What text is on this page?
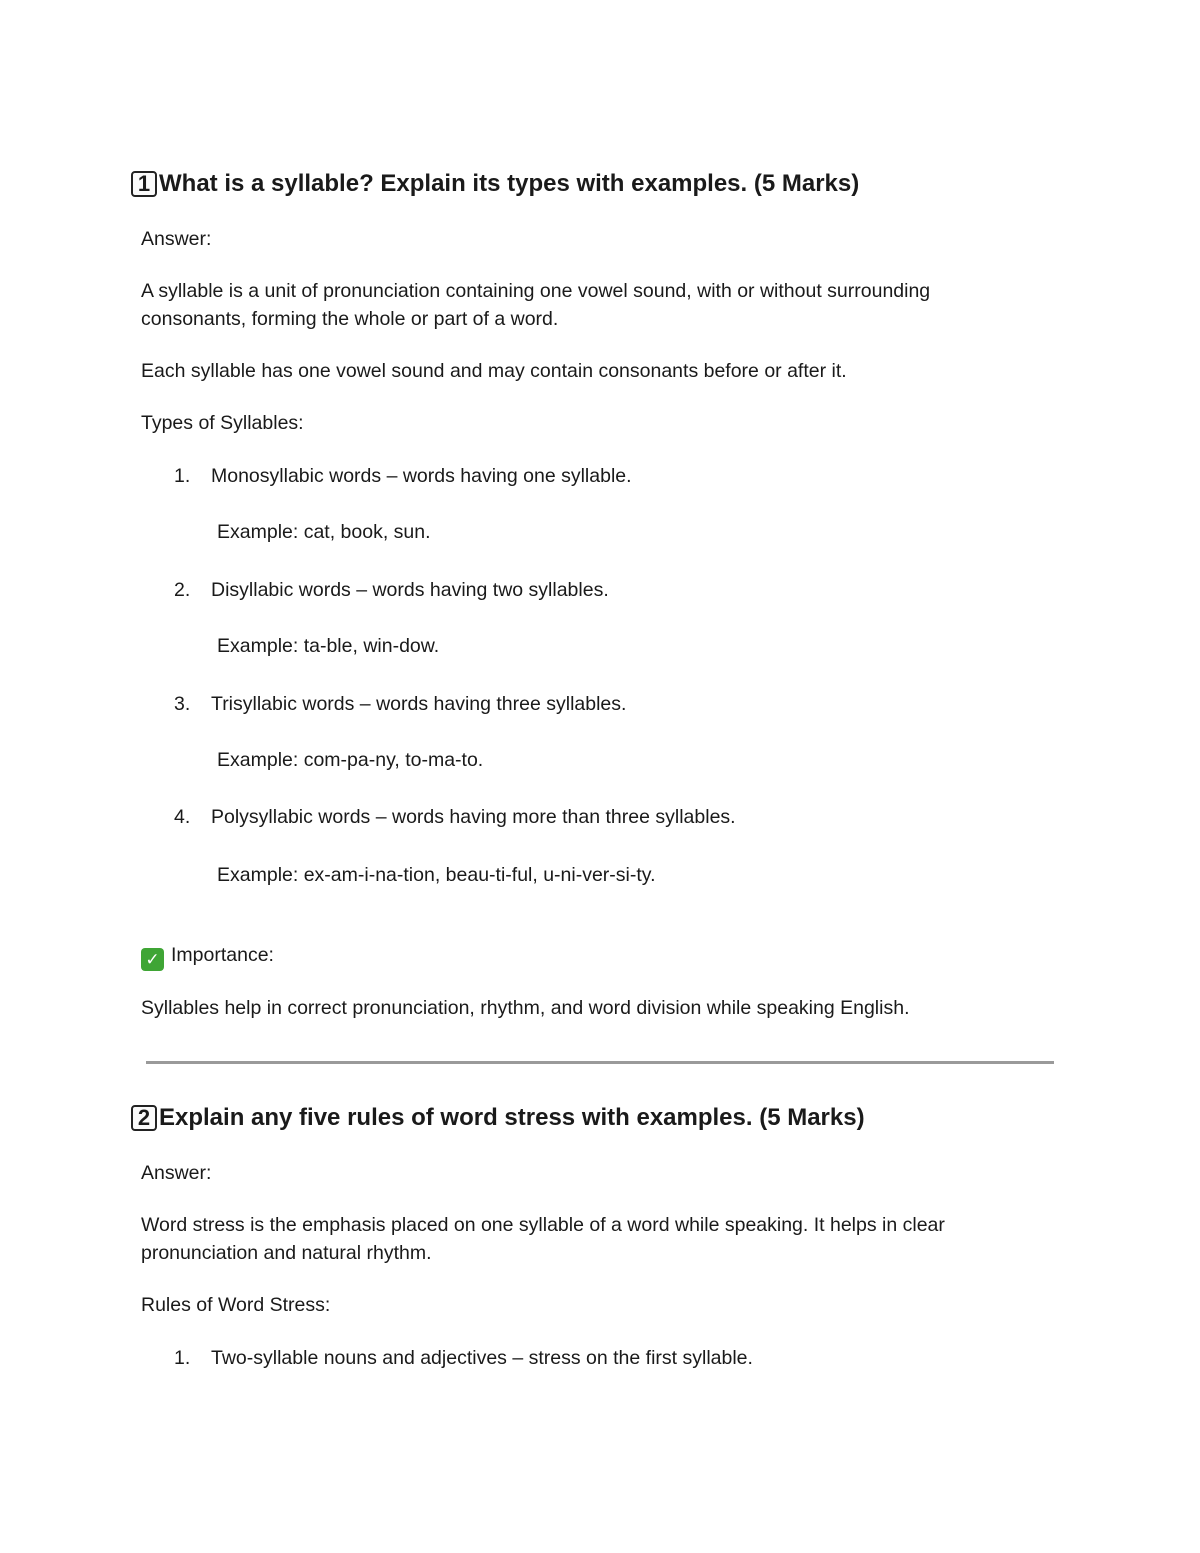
1 What is a syllable? Explain its types with examples. (5 Marks)

Answer:

A syllable is a unit of pronunciation containing one vowel sound, with or without surrounding

consonants, forming the whole or part of a word.

Each syllable has one vowel sound and may contain consonants before or after it.

Types of Syllables:

1. Monosyllabic words – words having one syllable.

Example: cat, book, sun.

2. Disyllabic words – words having two syllables.

Example: ta-ble, win-dow.

3. Trisyllabic words – words having three syllables.

Example: com-pa-ny, to-ma-to.

4. Polysyllabic words – words having more than three syllables.

Example: ex-am-i-na-tion, beau-ti-ful, u-ni-ver-si-ty.

✓ Importance:

Syllables help in correct pronunciation, rhythm, and word division while speaking English.

2 Explain any five rules of word stress with examples. (5 Marks)

Answer:

Word stress is the emphasis placed on one syllable of a word while speaking. It helps in clear

pronunciation and natural rhythm.

Rules of Word Stress:

1. Two-syllable nouns and adjectives – stress on the first syllable.
